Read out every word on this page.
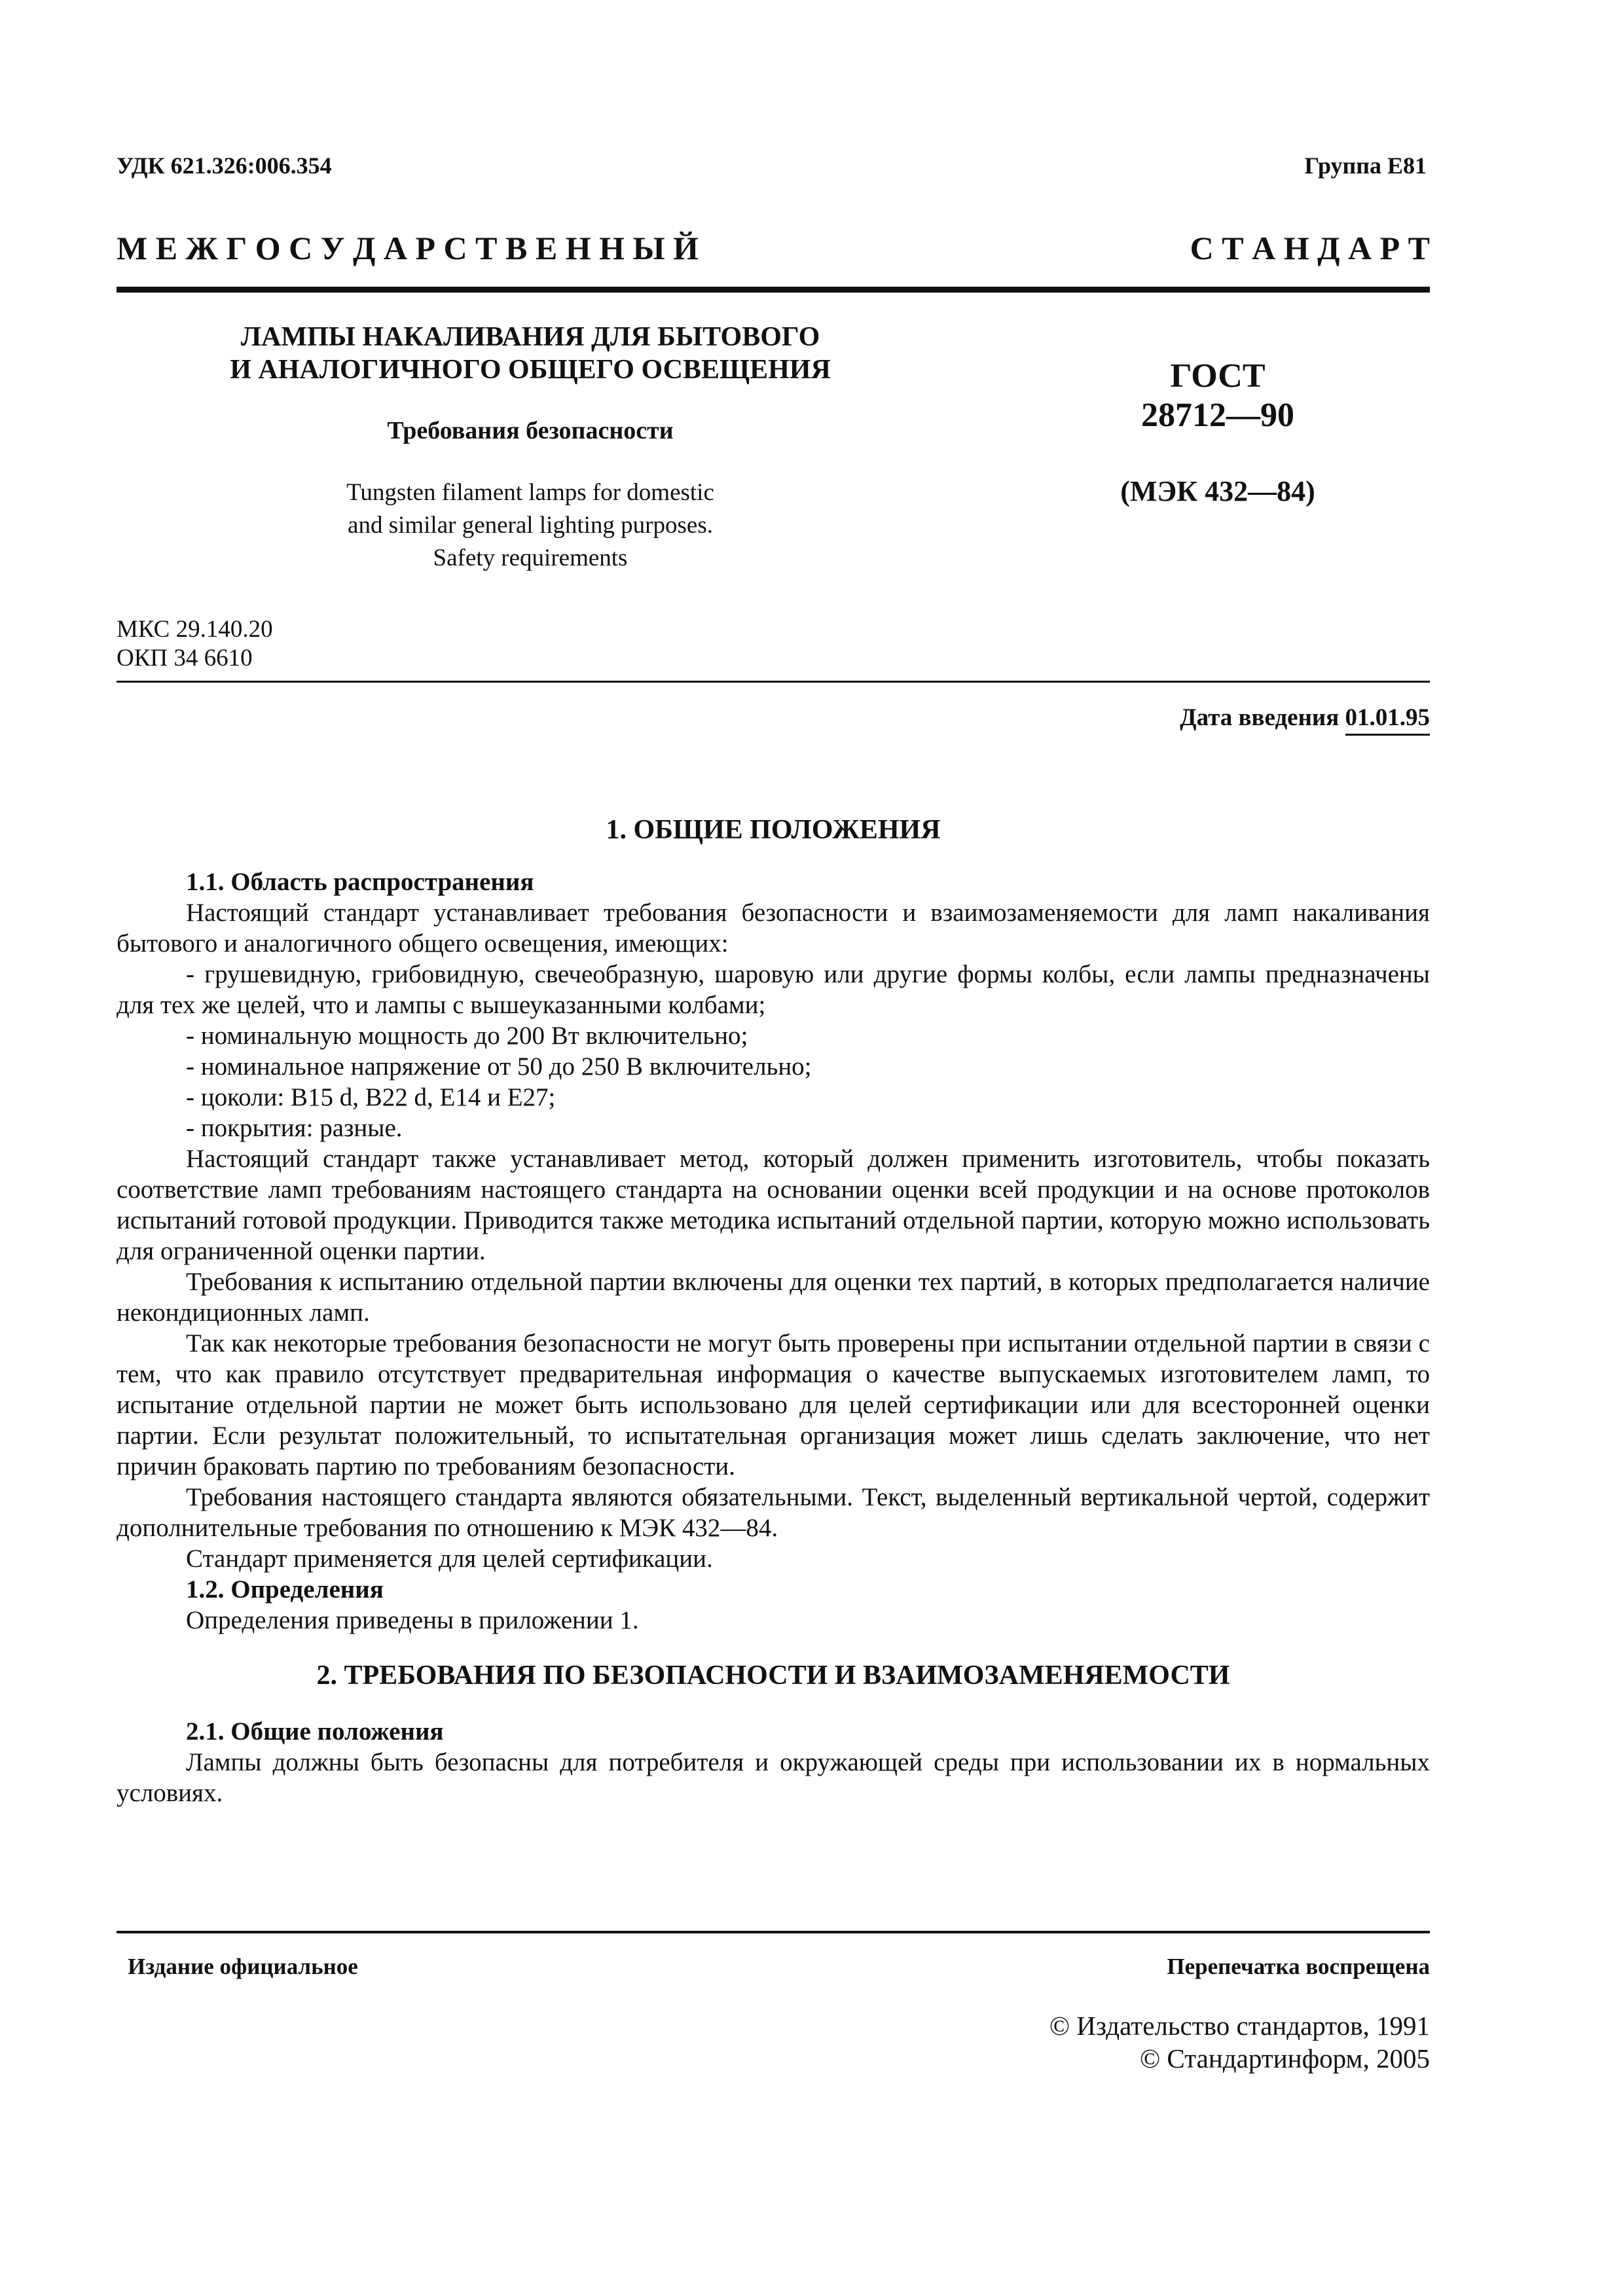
УДК 621.326:006.354	Группа Е81
М Е Ж Г О С У Д А Р С Т В Е Н Н Ы Й	С Т А Н Д А Р Т
ЛАМПЫ НАКАЛИВАНИЯ ДЛЯ БЫТОВОГО
И АНАЛОГИЧНОГО ОБЩЕГО ОСВЕЩЕНИЯ
Требования безопасности
Tungsten filament lamps for domestic
and similar general lighting purposes.
Safety requirements
ГОСТ
28712—90
(МЭК 432—84)
МКС 29.140.20
ОКП 34 6610
Дата введения 01.01.95

1. ОБЩИЕ ПОЛОЖЕНИЯ

1.1. Область распространения

Настоящий стандарт устанавливает требования безопасности и взаимозаменяемости для ламп накаливания бытового и аналогичного общего освещения, имеющих:

- грушевидную, грибовидную, свечеобразную, шаровую или другие формы колбы, если лампы предназначены для тех же целей, что и лампы с вышеуказанными колбами;

- номинальную мощность до 200 Вт включительно;

- номинальное напряжение от 50 до 250 В включительно;

- цоколи: В15 d, В22 d, Е14 и Е27;

- покрытия: разные.

Настоящий стандарт также устанавливает метод, который должен применить изготовитель, чтобы показать соответствие ламп требованиям настоящего стандарта на основании оценки всей продукции и на основе протоколов испытаний готовой продукции. Приводится также методика испытаний отдельной партии, которую можно использовать для ограниченной оценки партии.

Требования к испытанию отдельной партии включены для оценки тех партий, в которых предполагается наличие некондиционных ламп.

Так как некоторые требования безопасности не могут быть проверены при испытании отдельной партии в связи с тем, что как правило отсутствует предварительная информация о качестве выпускаемых изготовителем ламп, то испытание отдельной партии не может быть использовано для целей сертификации или для всесторонней оценки партии. Если результат положительный, то испытательная организация может лишь сделать заключение, что нет причин браковать партию по требованиям безопасности.

Требования настоящего стандарта являются обязательными. Текст, выделенный вертикальной чертой, содержит дополнительные требования по отношению к МЭК 432—84.

Стандарт применяется для целей сертификации.

1.2. Определения

Определения приведены в приложении 1.

2. ТРЕБОВАНИЯ ПО БЕЗОПАСНОСТИ И ВЗАИМОЗАМЕНЯЕМОСТИ

2.1. Общие положения

Лампы должны быть безопасны для потребителя и окружающей среды при использовании их в нормальных условиях.

Издание официальное	Перепечатка воспрещена
© Издательство стандартов, 1991
© Стандартинформ, 2005
